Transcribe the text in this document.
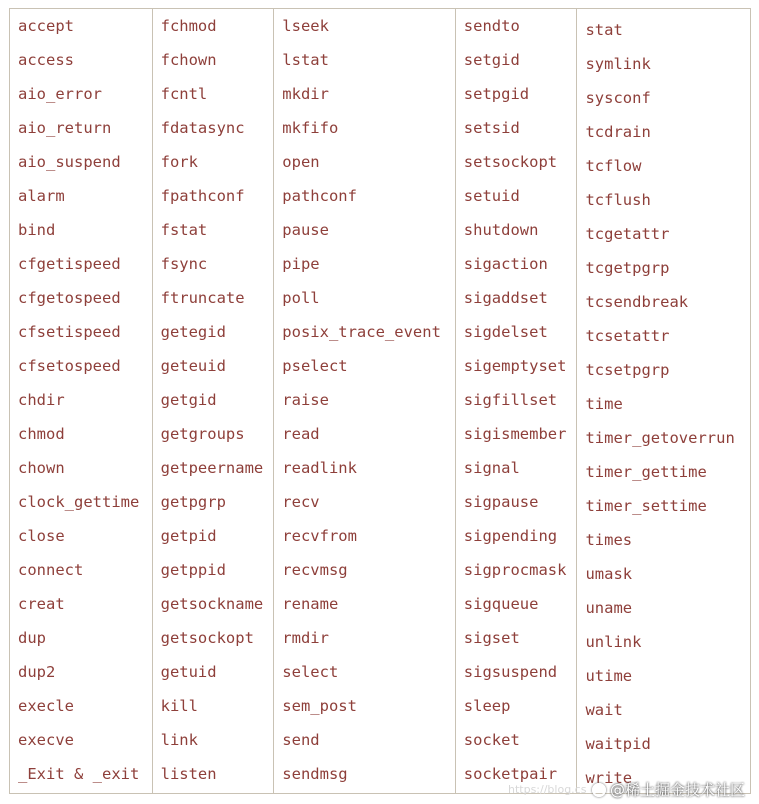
accept
access
aio_error
aio_return
aio_suspend
alarm
bind
cfgetispeed
cfgetospeed
cfsetispeed
cfsetospeed
chdir
chmod
chown
clock_gettime
close
connect
creat
dup
dup2
execle
execve
_Exit & _exit
fchmod
fchown
fcntl
fdatasync
fork
fpathconf
fstat
fsync
ftruncate
getegid
geteuid
getgid
getgroups
getpeername
getpgrp
getpid
getppid
getsockname
getsockopt
getuid
kill
link
listen
lseek
lstat
mkdir
mkfifo
open
pathconf
pause
pipe
poll
posix_trace_event
pselect
raise
read
readlink
recv
recvfrom
recvmsg
rename
rmdir
select
sem_post
send
sendmsg
sendto
setgid
setpgid
setsid
setsockopt
setuid
shutdown
sigaction
sigaddset
sigdelset
sigemptyset
sigfillset
sigismember
signal
sigpause
sigpending
sigprocmask
sigqueue
sigset
sigsuspend
sleep
socket
socketpair
stat
symlink
sysconf
tcdrain
tcflow
tcflush
tcgetattr
tcgetpgrp
tcsendbreak
tcsetattr
tcsetpgrp
time
timer_getoverrun
timer_gettime
timer_settime
times
umask
uname
unlink
utime
wait
waitpid
write
https://blog.cs @稀土掘金技术社区
